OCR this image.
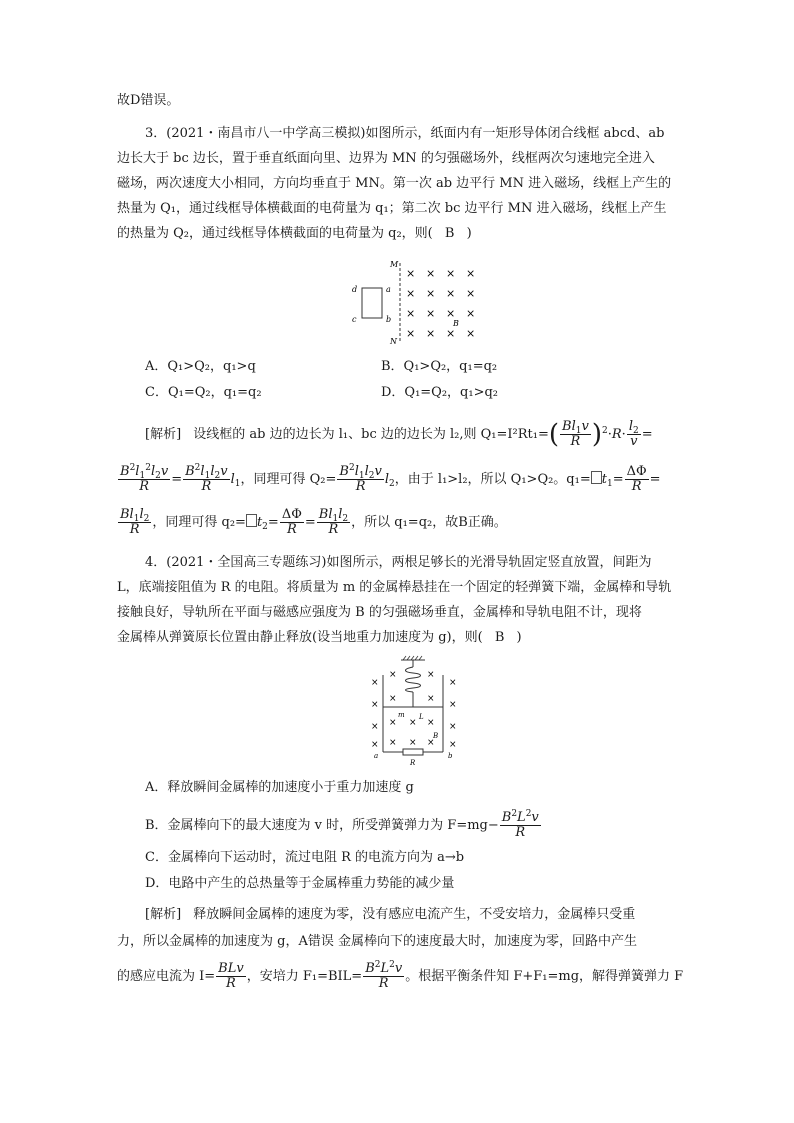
故D错误。
3．(2021・南昌市八一中学高三模拟)如图所示，纸面内有一矩形导体闭合线框 abcd、ab
边长大于 bc 边长，置于垂直纸面向里、边界为 MN 的匀强磁场外，线框两次匀速地完全进入
磁场，两次速度大小相同，方向均垂直于 MN。第一次 ab 边平行 MN 进入磁场，线框上产生的
热量为 Q₁，通过线框导体横截面的电荷量为 q₁；第二次 bc 边平行 MN 进入磁场，线框上产生
的热量为 Q₂，通过线框导体横截面的电荷量为 q₂，则( B )
M
N
a
b
c
d
B
× × × ×
× × × ×
× × × ×
× × × ×
A．Q₁>Q₂，q₁>q	B．Q₁>Q₂，q₁=q₂
C．Q₁=Q₂，q₁=q₂	D．Q₁=Q₂，q₁>q₂
[解析] 设线框的 ab 边的边长为 l₁、bc 边的边长为 l₂,则 $Q_1=I^2Rt_1=( \frac{Bl_1v}{R} )^2\cdot R\cdot \frac{l_2}{v}$ =
$\frac{B^2l_1^2l_2v}{R} = \frac{B^2l_1l_2v}{R} l_1$，同理可得 $Q_2= \frac{B^2l_1l_2v}{R} l_2$，由于 l₁>l₂，所以 Q₁>Q₂。$q_1= t_1= \frac{\Delta\Phi}{R}$ =
$\frac{Bl_1l_2}{R}$ ，同理可得 $q_2= t_2= \frac{\Delta\Phi}{R} = \frac{Bl_1l_2}{R}$ ，所以 q₁=q₂，故B正确。
4．(2021・全国高三专题练习)如图所示，两根足够长的光滑导轨固定竖直放置，间距为
L，底端接阻值为 R 的电阻。将质量为 m 的金属棒悬挂在一个固定的轻弹簧下端，金属棒和导轨
接触良好，导轨所在平面与磁感应强度为 B 的匀强磁场垂直，金属棒和导轨电阻不计，现将
金属棒从弹簧原长位置由静止释放(设当地重力加速度为 g)，则( B )
m L
B
R
a	b
×	×
×	×
×	×
×	×
×	×
×	×
× × ×
× × ×
A．释放瞬间金属棒的加速度小于重力加速度 g
B．金属棒向下的最大速度为 v 时，所受弹簧弹力为 $F=mg- \frac{B^2L^2v}{R}$
C．金属棒向下运动时，流过电阻 R 的电流方向为 a→b
D．电路中产生的总热量等于金属棒重力势能的减少量
[解析] 释放瞬间金属棒的速度为零，没有感应电流产生，不受安培力，金属棒只受重
力，所以金属棒的加速度为 g，A错误 金属棒向下的速度最大时，加速度为零，回路中产生
的感应电流为 $I= \frac{\text{BLv}}{R}$ ，安培力 $F_1=BIL= \frac{B^2L^2v}{R}$ 。根据平衡条件知 F+F₁=mg，解得弹簧弹力 F
